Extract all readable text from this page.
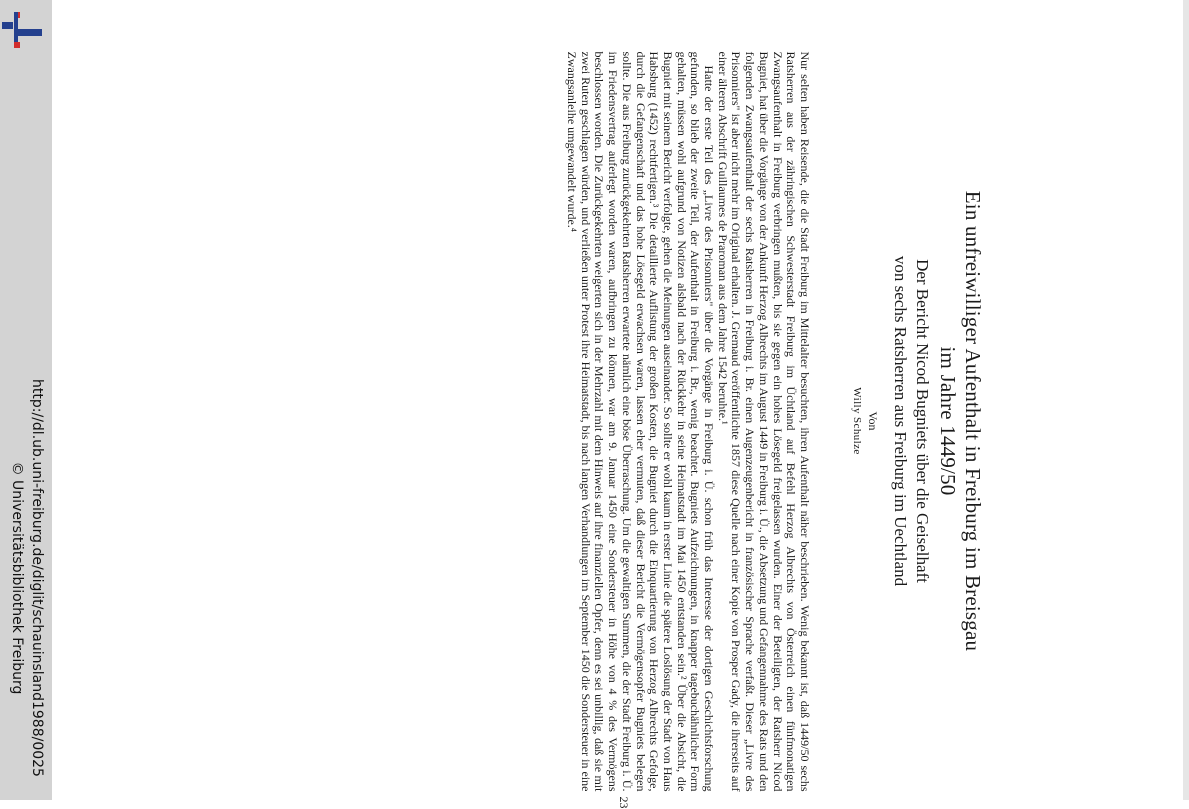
http://dl.ub.uni-freiburg.de/diglit/schauinsland1988/0025
© Universitätsbibliothek Freiburg	Ein unfreiwilliger Aufenthalt in Freiburg im Breisgau
im Jahre 1449/50
Der Bericht Nicod Bugniets über die Geiselhaft
von sechs Ratsherren aus Freiburg im Uechtland
Von
Willy Schulze

Nur selten haben Reisende, die die Stadt Freiburg im Mittelalter besuchten, ihren Aufenthalt näher beschrieben. Wenig bekannt ist, daß 1449/50 sechs Ratsherren aus der zähringischen Schwesterstadt Freiburg im Üchtland auf Befehl Herzog Albrechts von Österreich einen fünfmonatigen Zwangsaufenthalt in Freiburg verbringen mußten, bis sie gegen ein hohes Lösegeld freigelassen wurden. Einer der Beteiligten, der Ratsherr Nicod Bugniet, hat über die Vorgänge von der Ankunft Herzog Albrechts im August 1449 in Freiburg i. Ü., die Absetzung und Gefangennahme des Rats und den folgenden Zwangsaufenthalt der sechs Ratsherren in Freiburg i. Br. einen Augenzeugenbericht in französischer Sprache verfaßt. Dieser „Livre des Prisonniers" ist aber nicht mehr im Original erhalten. J. Gremaud veröffentlichte 1857 diese Quelle nach einer Kopie von Prosper Gady, die ihrerseits auf einer älteren Abschrift Guillaumes de Praroman aus dem Jahre 1542 beruhte.¹

Hatte der erste Teil des „Livre des Prisonniers" über die Vorgänge in Freiburg i. Ü. schon früh das Interesse der dortigen Geschichtsforschung gefunden, so blieb der zweite Teil, der Aufenthalt in Freiburg i. Br., wenig beachtet. Bugniets Aufzeichnungen, in knapper tagebuchähnlicher Form gehalten, müssen wohl aufgrund von Notizen alsbald nach der Rückkehr in seine Heimatstadt im Mai 1450 entstanden sein.² Über die Absicht, die Bugniet mit seinem Bericht verfolgte, gehen die Meinungen auseinander. So sollte er wohl kaum in erster Linie die spätere Loslösung der Stadt von Haus Habsburg (1452) rechtfertigen.³ Die detaillierte Auflistung der großen Kosten, die Bugniet durch die Einquartierung von Herzog Albrechts Gefolge, durch die Gefangenschaft und das hohe Lösegeld erwachsen waren, lassen eher vermuten, daß dieser Bericht die Vermögensopfer Bugniets belegen sollte. Die aus Freiburg zurückgekehrten Ratsherren erwartete nämlich eine böse Überraschung. Um die gewaltigen Summen, die der Stadt Freiburg i. Ü. im Friedensvertrag auferlegt worden waren, aufbringen zu können, war am 9. Januar 1450 eine Sondersteuer in Höhe von 4 % des Vermögens beschlossen worden. Die Zurückgekehrten weigerten sich in der Mehrzahl mit dem Hinweis auf ihre finanziellen Opfer, denn es sei unbillig, daß sie mit zwei Ruten geschlagen würden, und verließen unter Protest ihre Heimatstadt, bis nach langen Verhandlungen im September 1450 die Sondersteuer in eine Zwangsanleihe umgewandelt wurde.⁴

23
